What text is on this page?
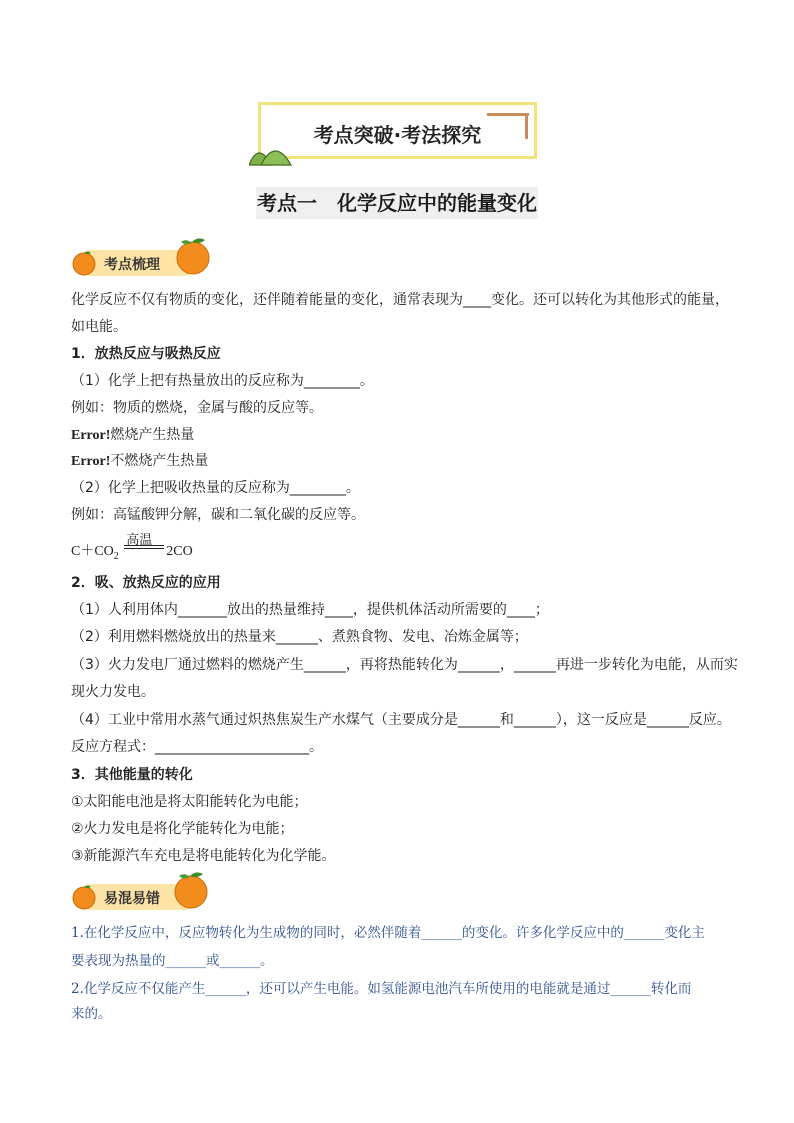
考点突破·考法探究
考点一　化学反应中的能量变化
考点梳理
化学反应不仅有物质的变化，还伴随着能量的变化，通常表现为____变化。还可以转化为其他形式的能量，
如电能。
1．放热反应与吸热反应
（1）化学上把有热量放出的反应称为________。
例如：物质的燃烧，金属与酸的反应等。
Error!燃烧产生热量
Error!不燃烧产生热量
（2）化学上把吸收热量的反应称为________。
例如：高锰酸钾分解，碳和二氧化碳的反应等。
$C+CO_2$
高温
2CO
2．吸、放热反应的应用
（1）人利用体内_______放出的热量维持____，提供机体活动所需要的____；
（2）利用燃料燃烧放出的热量来______、煮熟食物、发电、冶炼金属等；
（3）火力发电厂通过燃料的燃烧产生______，再将热能转化为______，______再进一步转化为电能，从而实
现火力发电。
（4）工业中常用水蒸气通过炽热焦炭生产水煤气（主要成分是______和______），这一反应是______反应。
反应方程式：______________________。
3．其他能量的转化
①太阳能电池是将太阳能转化为电能；
②火力发电是将化学能转化为电能；
③新能源汽车充电是将电能转化为化学能。
易混易错
1.在化学反应中，反应物转化为生成物的同时，必然伴随着______的变化。许多化学反应中的______变化主
要表现为热量的______或______。
2.化学反应不仅能产生______，还可以产生电能。如氢能源电池汽车所使用的电能就是通过______转化而
来的。
